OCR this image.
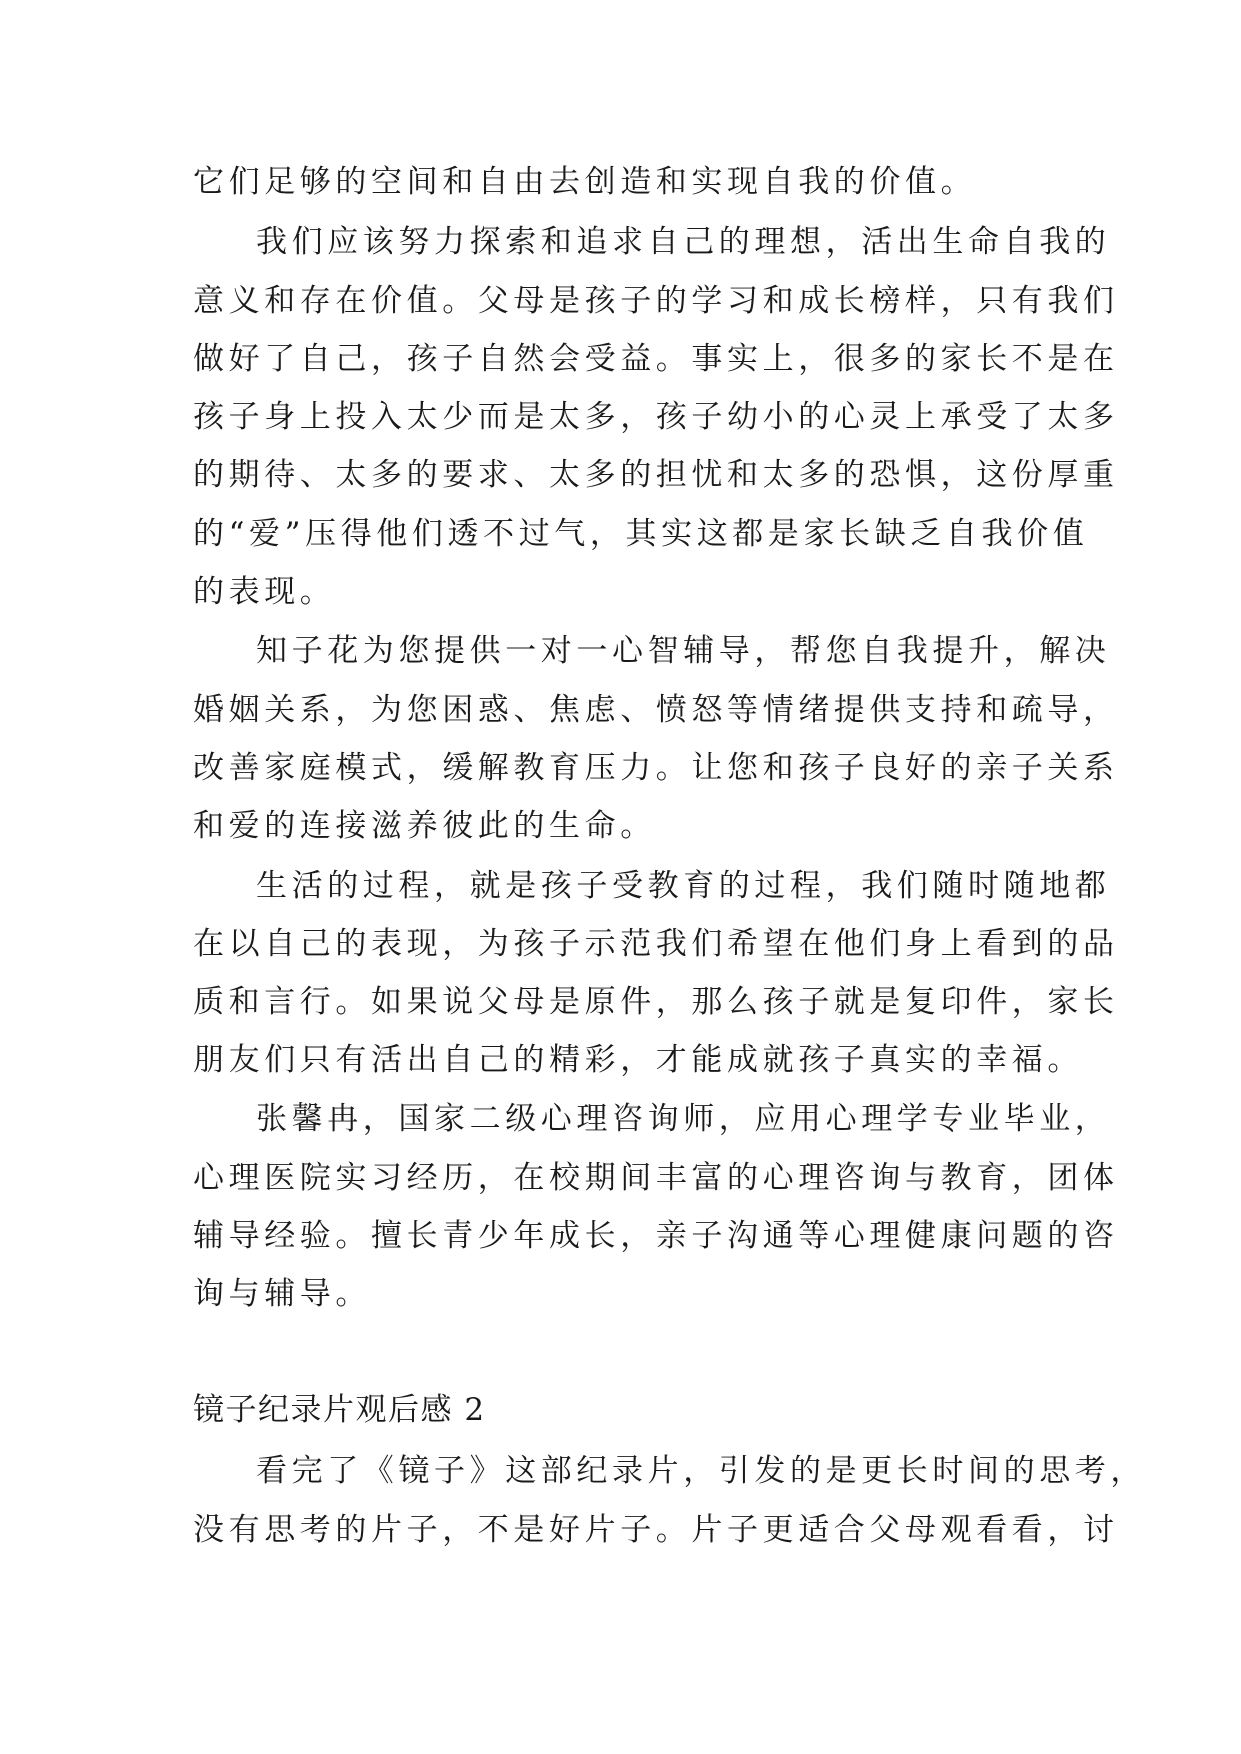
它们足够的空间和自由去创造和实现自我的价值。
我们应该努力探索和追求自己的理想，活出生命自我的
意义和存在价值。父母是孩子的学习和成长榜样，只有我们
做好了自己，孩子自然会受益。事实上，很多的家长不是在
孩子身上投入太少而是太多，孩子幼小的心灵上承受了太多
的期待、太多的要求、太多的担忧和太多的恐惧，这份厚重
的“爱”压得他们透不过气，其实这都是家长缺乏自我价值
的表现。
知子花为您提供一对一心智辅导，帮您自我提升，解决
婚姻关系，为您困惑、焦虑、愤怒等情绪提供支持和疏导，
改善家庭模式，缓解教育压力。让您和孩子良好的亲子关系
和爱的连接滋养彼此的生命。
生活的过程，就是孩子受教育的过程，我们随时随地都
在以自己的表现，为孩子示范我们希望在他们身上看到的品
质和言行。如果说父母是原件，那么孩子就是复印件，家长
朋友们只有活出自己的精彩，才能成就孩子真实的幸福。
张馨冉，国家二级心理咨询师，应用心理学专业毕业，
心理医院实习经历，在校期间丰富的心理咨询与教育，团体
辅导经验。擅长青少年成长，亲子沟通等心理健康问题的咨
询与辅导。
镜子纪录片观后感 2
看完了《镜子》这部纪录片，引发的是更长时间的思考，
没有思考的片子，不是好片子。片子更适合父母观看看，讨
